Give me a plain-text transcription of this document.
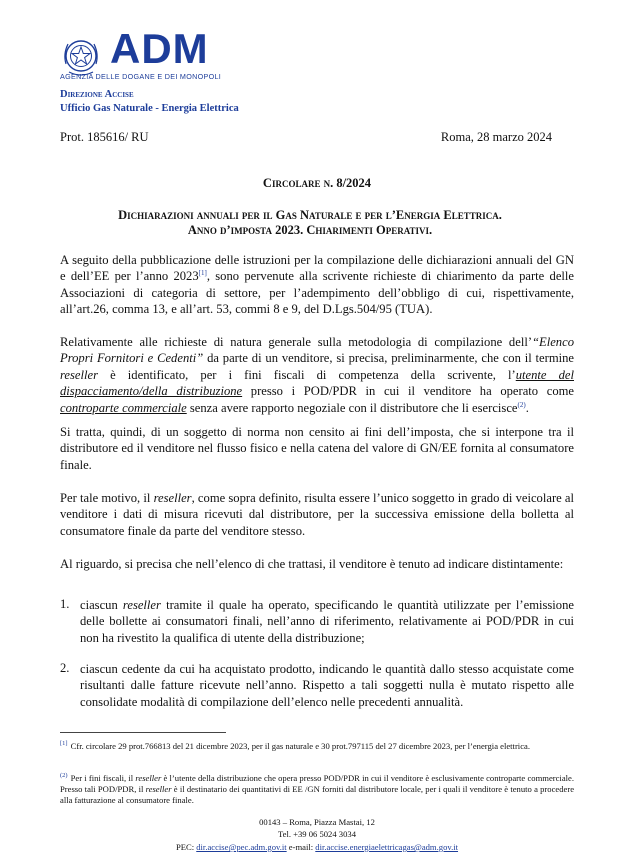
ADM
AGENZIA DELLE DOGANE E DEI MONOPOLI
Direzione Accise
Ufficio Gas Naturale - Energia Elettrica
Prot. 185616/ RU	Roma, 28 marzo 2024
Circolare n. 8/2024
Dichiarazioni annuali per il Gas Naturale e per l’Energia Elettrica.
Anno d’imposta 2023. Chiarimenti Operativi.

A seguito della pubblicazione delle istruzioni per la compilazione delle dichiarazioni annuali del GN e dell’EE per l’anno 2023[1], sono pervenute alla scrivente richieste di chiarimento da parte delle Associazioni di categoria di settore, per l’adempimento dell’obbligo di cui, rispettivamente, all’art.26, comma 13, e all’art. 53, commi 8 e 9, del D.Lgs.504/95 (TUA).

Relativamente alle richieste di natura generale sulla metodologia di compilazione dell’“Elenco Propri Fornitori e Cedenti” da parte di un venditore, si precisa, preliminarmente, che con il termine reseller è identificato, per i fini fiscali di competenza della scrivente, l’utente del dispacciamento/della distribuzione presso i POD/PDR in cui il venditore ha operato come controparte commerciale senza avere rapporto negoziale con il distributore che li esercisce$^{(2)}$.

Si tratta, quindi, di un soggetto di norma non censito ai fini dell’imposta, che si interpone tra il distributore ed il venditore nel flusso fisico e nella catena del valore di GN/EE fornita al consumatore finale.

Per tale motivo, il reseller, come sopra definito, risulta essere l’unico soggetto in grado di veicolare al venditore i dati di misura ricevuti dal distributore, per la successiva emissione della bolletta al consumatore finale da parte del venditore stesso.

Al riguardo, si precisa che nell’elenco di che trattasi, il venditore è tenuto ad indicare distintamente:

1. ciascun reseller tramite il quale ha operato, specificando le quantità utilizzate per l’emissione delle bollette ai consumatori finali, nell’anno di riferimento, relativamente ai POD/PDR in cui non ha rivestito la qualifica di utente della distribuzione;

2. ciascun cedente da cui ha acquistato prodotto, indicando le quantità dallo stesso acquistate come risultanti dalle fatture ricevute nell’anno. Rispetto a tali soggetti nulla è mutato rispetto alle consolidate modalità di compilazione dell’elenco nelle precedenti annualità.

[1] Cfr. circolare 29 prot.766813 del 21 dicembre 2023, per il gas naturale e 30 prot.797115 del 27 dicembre 2023, per l’energia elettrica.

$^{(2)}$ Per i fini fiscali, il reseller è l’utente della distribuzione che opera presso POD/PDR in cui il venditore è esclusivamente controparte commerciale. Presso tali POD/PDR, il reseller è il destinatario dei quantitativi di EE /GN forniti dal distributore locale, per i quali il venditore è tenuto a procedere alla fatturazione al consumatore finale.

00143 – Roma, Piazza Mastai, 12
Tel. +39 06 5024 3034
PEC: dir.accise@pec.adm.gov.it e-mail: dir.accise.energiaelettricagas@adm.gov.it
